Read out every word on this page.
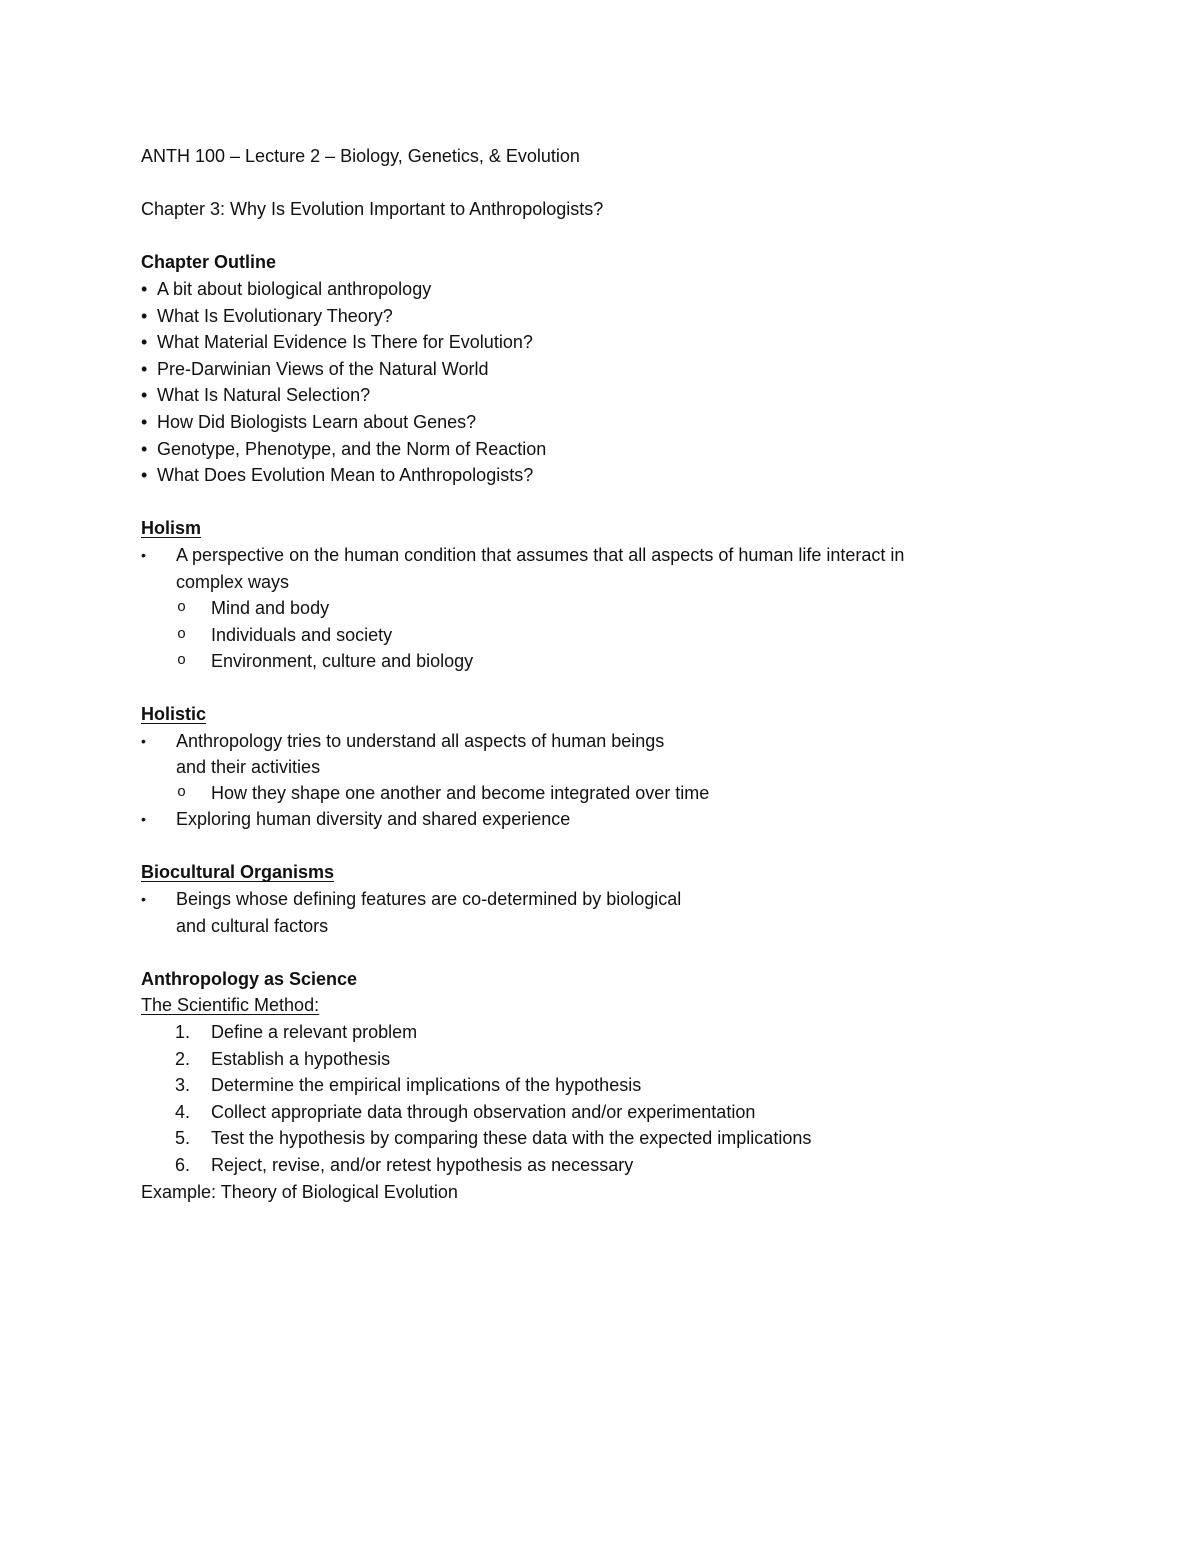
ANTH 100 – Lecture 2 – Biology, Genetics, & Evolution
Chapter 3: Why Is Evolution Important to Anthropologists?
Chapter Outline
• A bit about biological anthropology
• What Is Evolutionary Theory?
• What Material Evidence Is There for Evolution?
• Pre-Darwinian Views of the Natural World
• What Is Natural Selection?
• How Did Biologists Learn about Genes?
• Genotype, Phenotype, and the Norm of Reaction
• What Does Evolution Mean to Anthropologists?
Holism
•	A perspective on the human condition that assumes that all aspects of human life interact in
complex ways
o Mind and body
o Individuals and society
o Environment, culture and biology
Holistic
•	Anthropology tries to understand all aspects of human beings
and their activities
o How they shape one another and become integrated over time
•	Exploring human diversity and shared experience
Biocultural Organisms
•	Beings whose defining features are co-determined by biological
and cultural factors
Anthropology as Science
The Scientific Method:
1.	Define a relevant problem
2.	Establish a hypothesis
3.	Determine the empirical implications of the hypothesis
4.	Collect appropriate data through observation and/or experimentation
5.	Test the hypothesis by comparing these data with the expected implications
6.	Reject, revise, and/or retest hypothesis as necessary
Example: Theory of Biological Evolution
